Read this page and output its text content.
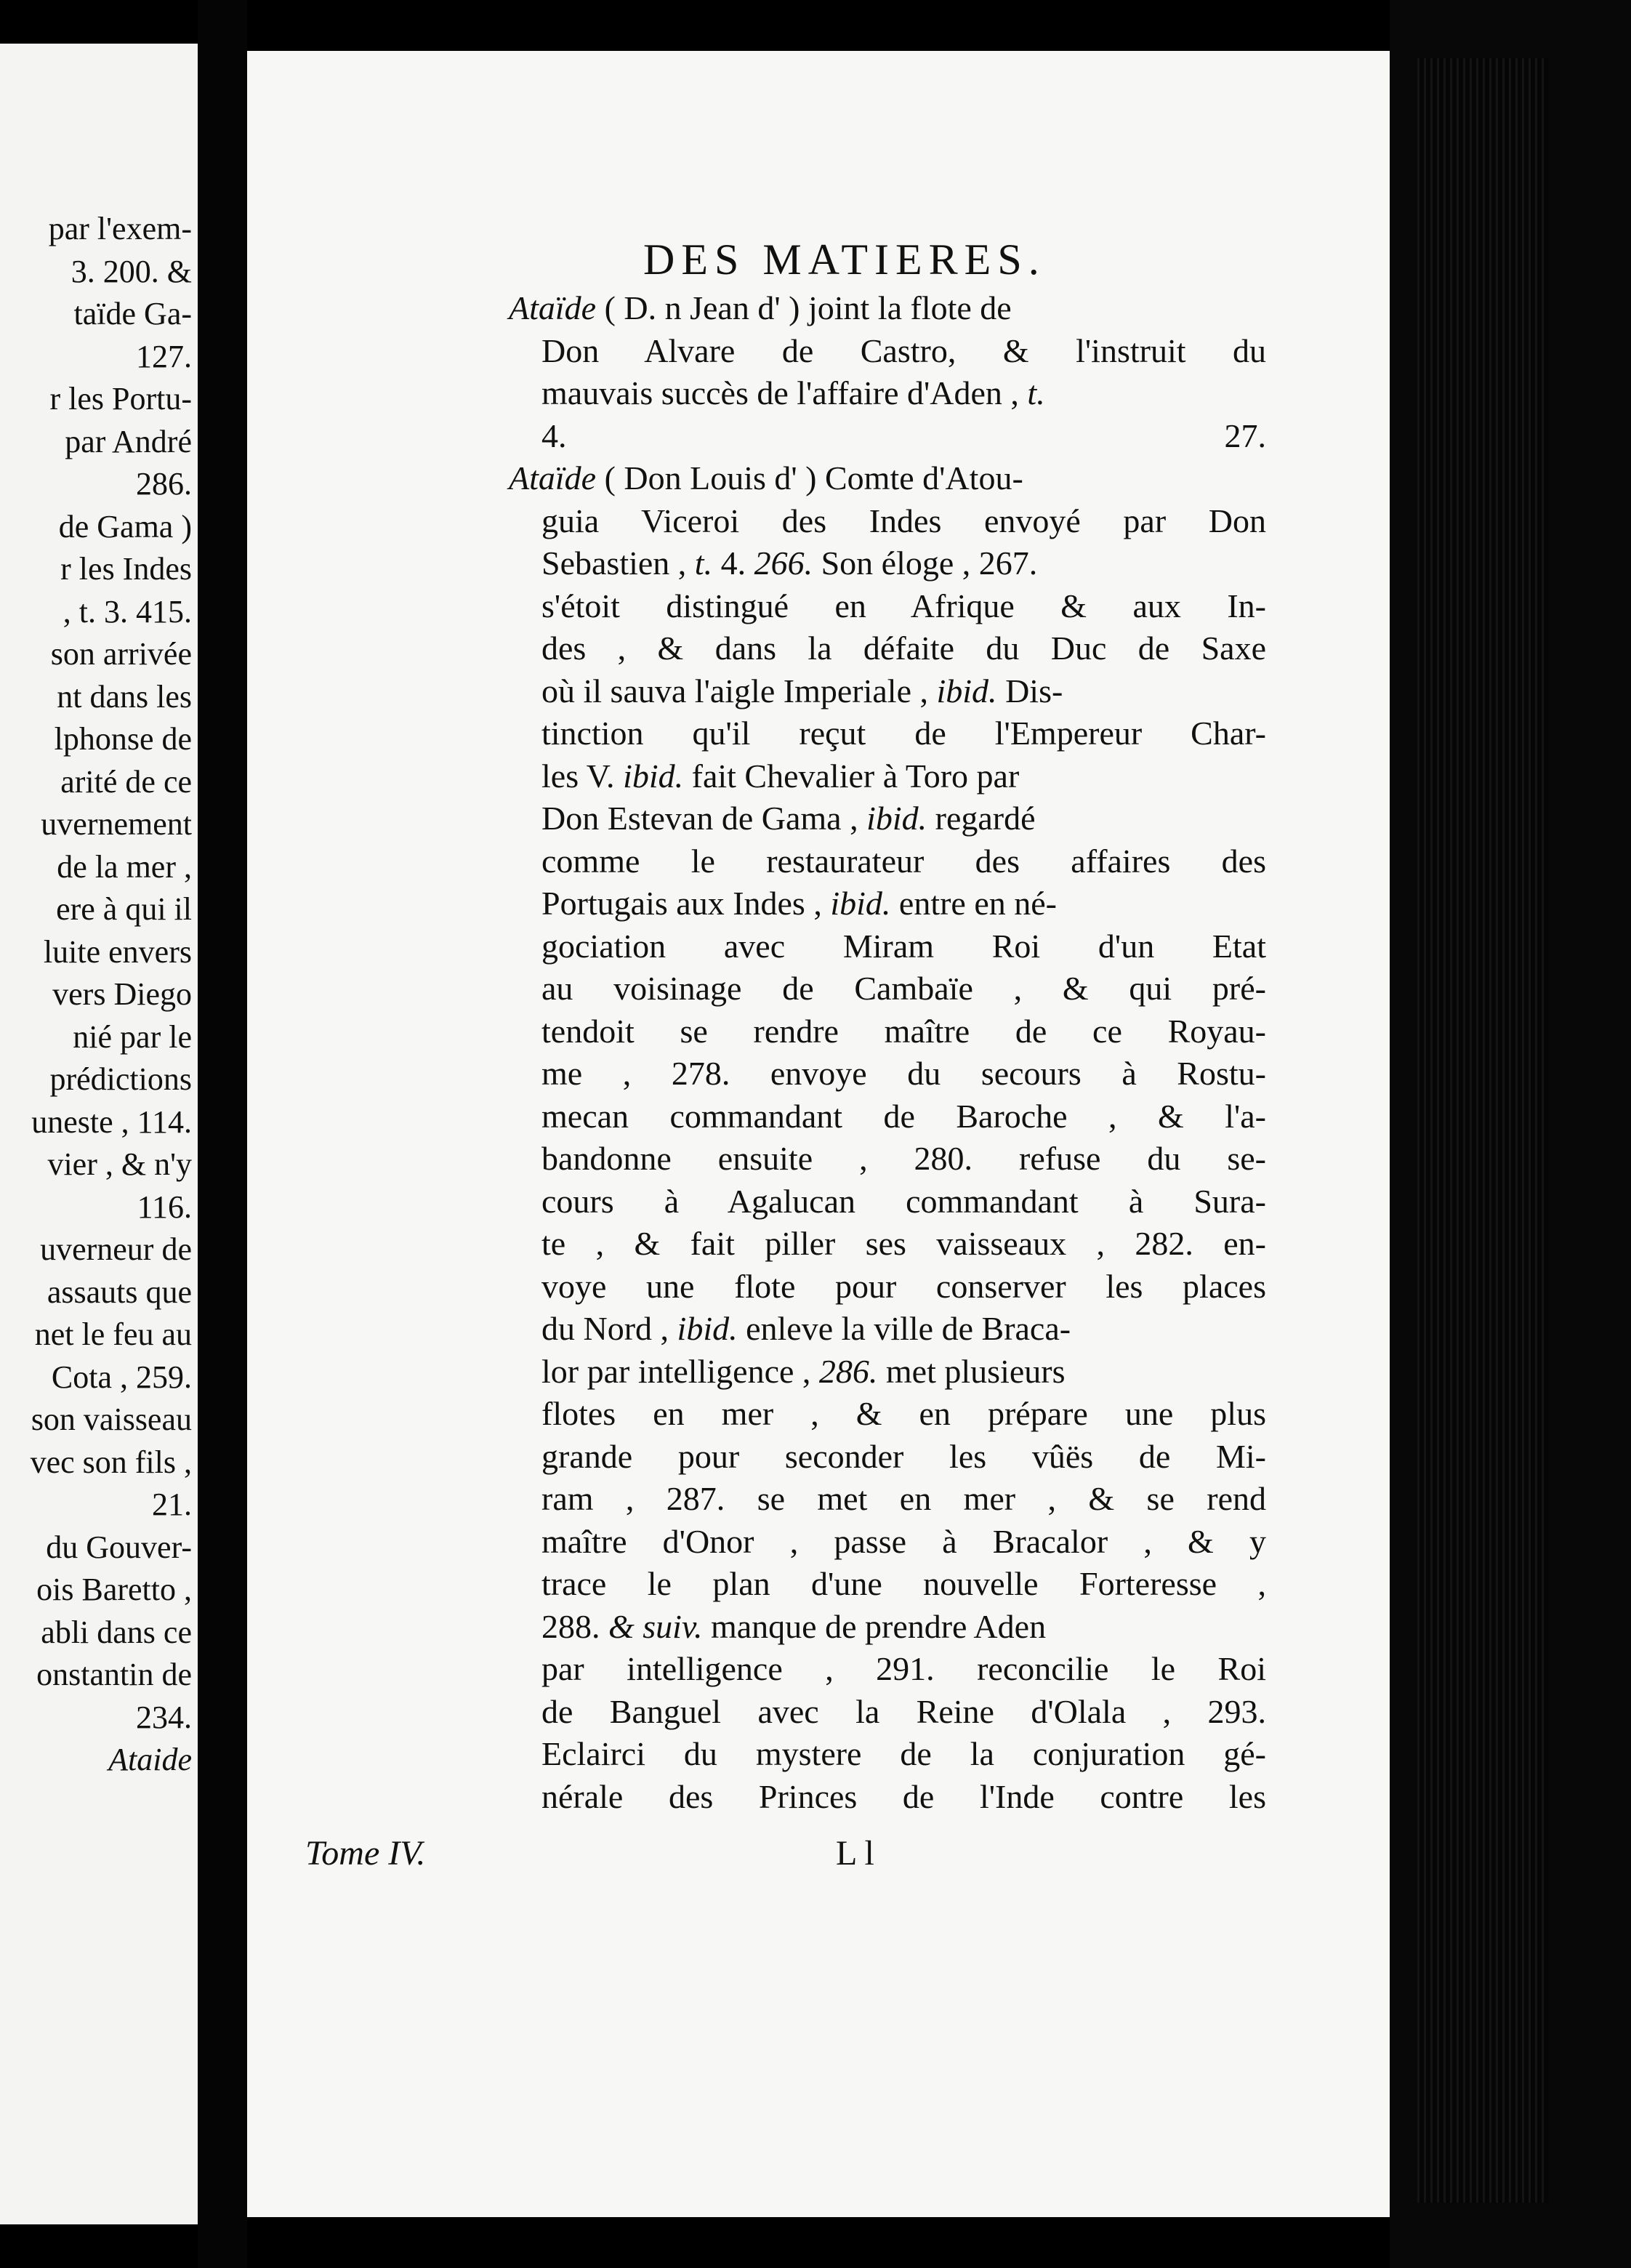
par l'exem-
3. 200. &
taïde Ga-
127.
r les Portu-
par André
286.
de Gama )
r les Indes
, t. 3. 415.
son arrivée
nt dans les
lphonse de
arité de ce
uvernement
de la mer ,
ere à qui il
luite envers
vers Diego
nié par le
prédictions
uneste , 114.
vier , & n'y
116.
uverneur de
assauts que
net le feu au
Cota , 259.
son vaisseau
vec son fils ,
21.
du Gouver-
ois Baretto ,
abli dans ce
onstantin de
234.
Ataide
DES MATIERES.
Ataïde ( D. n Jean d' ) joint la flote de
Don Alvare de Castro, & l'instruit du
mauvais succès de l'affaire d'Aden , t.
4.	27.
Ataïde ( Don Louis d' ) Comte d'Atou-
guia Viceroi des Indes envoyé par Don
Sebastien , t. 4. 266. Son éloge , 267.
s'étoit distingué en Afrique & aux In-
des , & dans la défaite du Duc de Saxe
où il sauva l'aigle Imperiale , ibid. Dis-
tinction qu'il reçut de l'Empereur Char-
les V. ibid. fait Chevalier à Toro par
Don Estevan de Gama , ibid. regardé
comme le restaurateur des affaires des
Portugais aux Indes , ibid. entre en né-
gociation avec Miram Roi d'un Etat
au voisinage de Cambaïe , & qui pré-
tendoit se rendre maître de ce Royau-
me , 278. envoye du secours à Rostu-
mecan commandant de Baroche , & l'a-
bandonne ensuite , 280. refuse du se-
cours à Agalucan commandant à Sura-
te , & fait piller ses vaisseaux , 282. en-
voye une flote pour conserver les places
du Nord , ibid. enleve la ville de Braca-
lor par intelligence , 286. met plusieurs
flotes en mer , & en prépare une plus
grande pour seconder les vûës de Mi-
ram , 287. se met en mer , & se rend
maître d'Onor , passe à Bracalor , & y
trace le plan d'une nouvelle Forteresse ,
288. & suiv. manque de prendre Aden
par intelligence , 291. reconcilie le Roi
de Banguel avec la Reine d'Olala , 293.
Eclairci du mystere de la conjuration gé-
nérale des Princes de l'Inde contre les
Tome IV.	L l
